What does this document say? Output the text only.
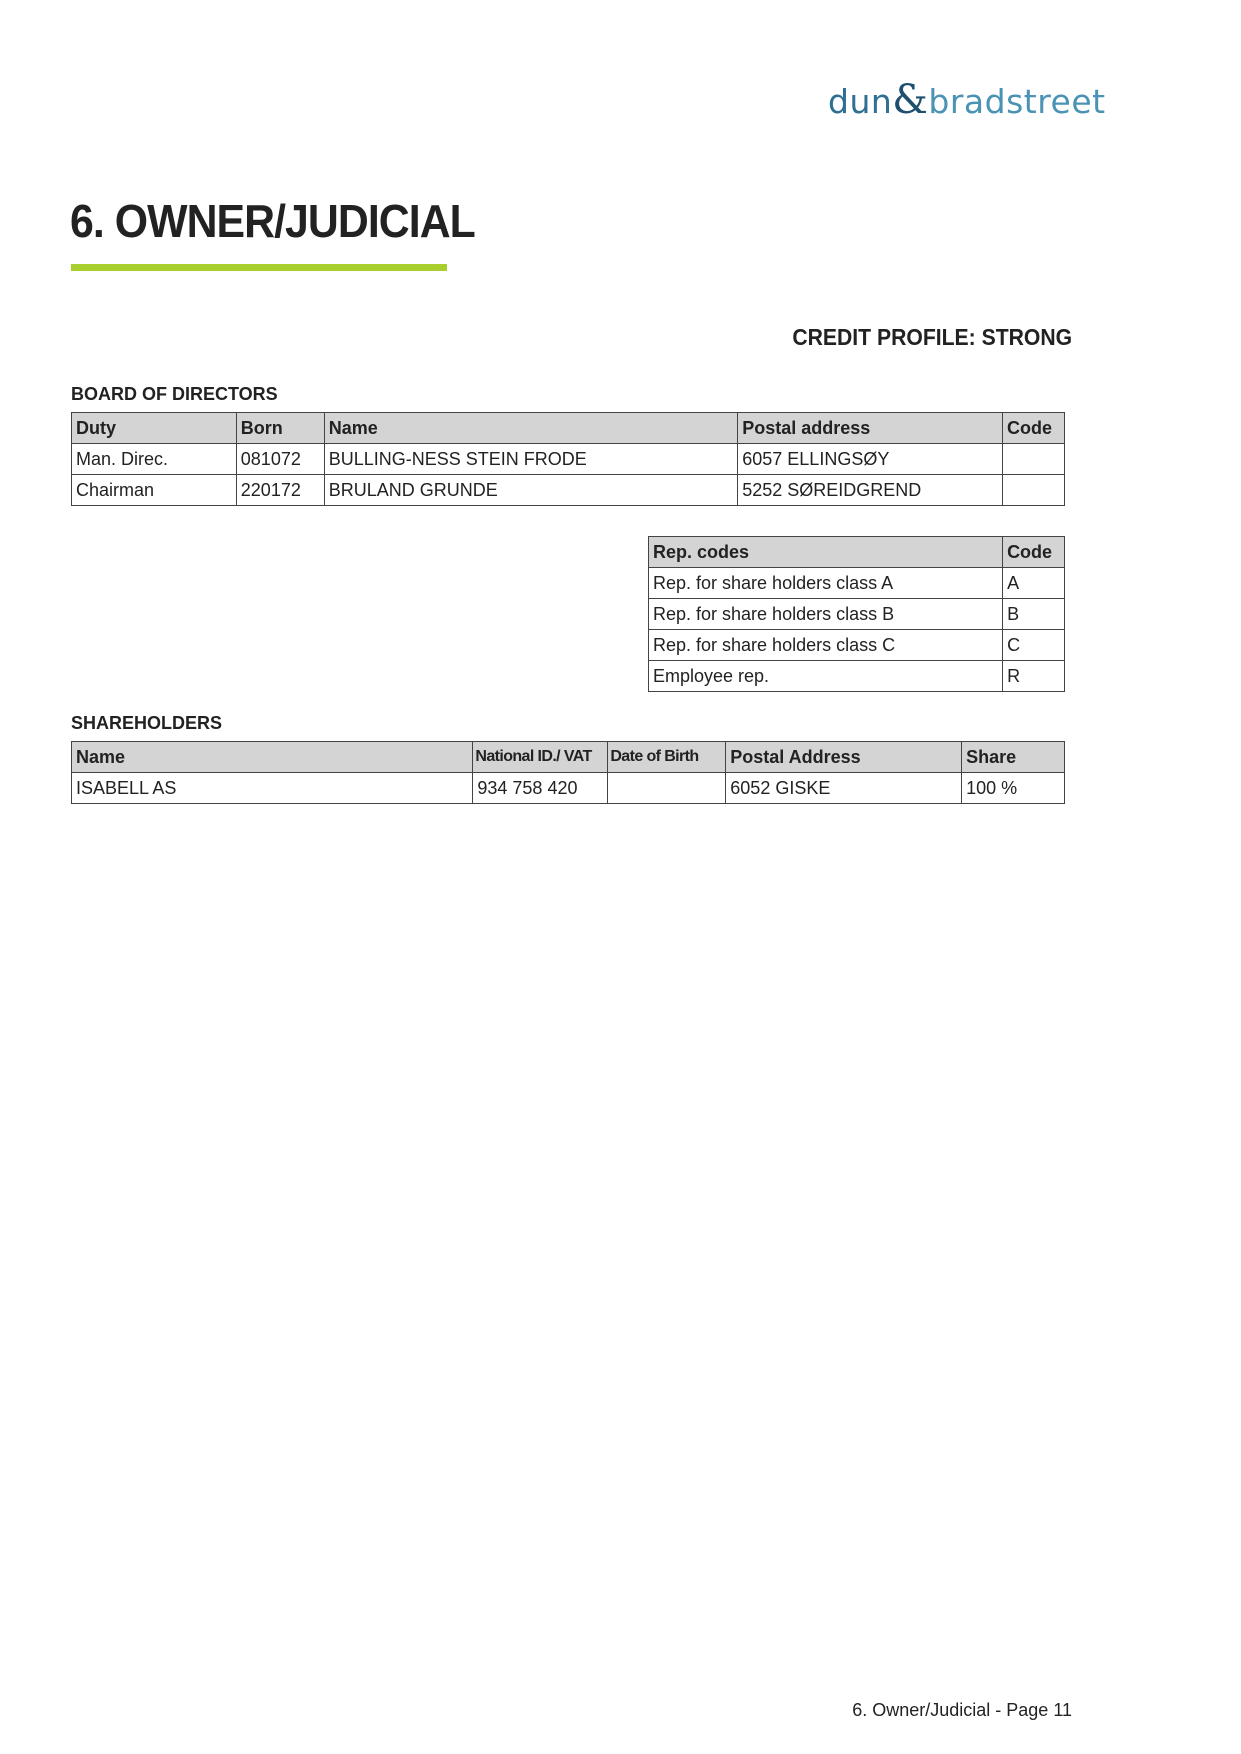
dun&bradstreet
6. OWNER/JUDICIAL
CREDIT PROFILE: STRONG
BOARD OF DIRECTORS
Duty	Born	Name	Postal address	Code
Man. Direc.	081072	BULLING-NESS STEIN FRODE	6057 ELLINGSØY	
Chairman	220172	BRULAND GRUNDE	5252 SØREIDGREND	
Rep. codes	Code
Rep. for share holders class A	A
Rep. for share holders class B	B
Rep. for share holders class C	C
Employee rep.	R
SHAREHOLDERS
Name	National ID./ VAT	Date of Birth	Postal Address	Share
ISABELL AS	934 758 420		6052 GISKE	100 %
6. Owner/Judicial - Page 11
